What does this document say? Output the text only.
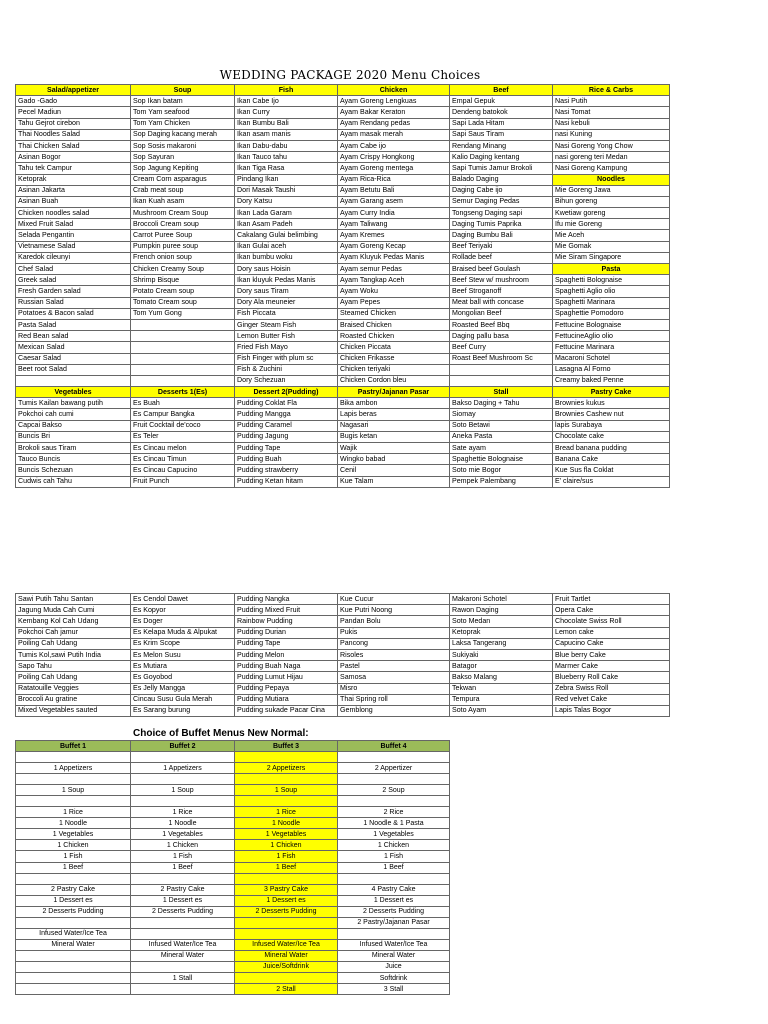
WEDDING PACKAGE 2020 Menu Choices
Salad/appetizer	Soup	Fish	Chicken	Beef	Rice & Carbs
Gado -Gado	Sop Ikan batam	Ikan Cabe Ijo	Ayam Goreng Lengkuas	Empal Gepuk	Nasi Putih
Pecel Madiun	Tom Yam seafood	Ikan Curry	Ayam Bakar Keraton	Dendeng batokok	Nasi Tomat
Tahu Gejrot cirebon	Tom Yam Chicken	Ikan Bumbu Bali	Ayam Rendang pedas	Sapi Lada Hitam	Nasi kebuli
Thai Noodles Salad	Sop Daging kacang merah	Ikan asam manis	Ayam masak merah	Sapi Saus Tiram	nasi Kuning
Thai Chicken Salad	Sop Sosis makaroni	Ikan Dabu-dabu	Ayam Cabe ijo	Rendang Minang	Nasi Goreng Yong Chow
Asinan Bogor	Sop Sayuran	Ikan Tauco tahu	Ayam Crispy Hongkong	Kalio Daging kentang	nasi goreng teri Medan
Tahu tek Campur	Sop Jagung Kepiting	Ikan Tiga Rasa	Ayam Goreng mentega	Sapi Tumis Jamur Brokoli	Nasi Goreng Kampung
Ketoprak	Cream Corn asparagus	Pindang Ikan	Ayam Rica-Rica	Balado Daging	Noodles
Asinan Jakarta	Crab meat soup	Dori Masak Taushi	Ayam Betutu Bali	Daging Cabe ijo	Mie Goreng Jawa
Asinan Buah	Ikan Kuah asam	Dory Katsu	Ayam Garang asem	Semur Daging Pedas	Bihun goreng
Chicken noodles salad	Mushroom Cream Soup	Ikan Lada Garam	Ayam Curry India	Tongseng Daging sapi	Kwetiaw goreng
Mixed Fruit Salad	Broccoli Cream soup	Ikan Asam Padeh	Ayam Taliwang	Daging Tumis Paprika	Ifu mie Goreng
Selada Pengantin	Carrot Puree Soup	Cakalang Gulai belimbing	Ayam Kremes	Daging Bumbu Bali	Mie Aceh
Vietnamese Salad	Pumpkin puree soup	Ikan Gulai aceh	Ayam Goreng Kecap	Beef Teriyaki	Mie Gomak
Karedok cileunyi	French onion soup	Ikan bumbu woku	Ayam Kluyuk Pedas Manis	Rollade beef	Mie Siram Singapore
Chef Salad	Chicken Creamy Soup	Dory saus Hoisin	Ayam semur Pedas	Braised beef Goulash	Pasta
Greek salad	Shrimp Bisque	Ikan kluyuk Pedas Manis	Ayam Tangkap Aceh	Beef Stew w/ mushroom	Spaghetti Bolognaise
Fresh Garden salad	Potato Cream soup	Dory saus Tiram	Ayam Woku	Beef Stroganoff	Spaghetti Aglio olio
Russian Salad	Tomato Cream soup	Dory Ala meuneier	Ayam Pepes	Meat ball with concase	Spaghetti Marinara
Potatoes & Bacon salad	Tom Yum Gong	Fish Piccata	Steamed Chicken	Mongolian Beef	Spaghettie Pomodoro
Pasta Salad		Ginger Steam Fish	Braised Chicken	Roasted Beef Bbq	Fettucine Bolognaise
Red Bean salad		Lemon Butter Fish	Roasted Chicken	Daging pallu basa	FettucineAglio olio
Mexican Salad		Fried Fish Mayo	Chicken Piccata	Beef Curry	Fettucine Marinara
Caesar Salad		Fish Finger with plum sc	Chicken Frikasse	Roast Beef Mushroom Sc	Macaroni Schotel
Beet root Salad		Fish & Zuchini	Chicken teriyaki		Lasagna Al Forno
		Dory Schezuan	Chicken Cordon bleu		Creamy baked Penne
Vegetables	Desserts 1(Es)	Dessert 2(Pudding)	Pastry/Jajanan Pasar	Stall	Pastry Cake
Tumis Kailan bawang putih	Es Buah	Pudding Coklat Fla	Bika ambon	Bakso Daging + Tahu	Brownies kukus
Pokchoi cah cumi	Es Campur Bangka	Pudding Mangga	Lapis beras	Siomay	Brownies Cashew nut
Capcai Bakso	Fruit Cocktail de'coco	Pudding Caramel	Nagasari	Soto Betawi	lapis Surabaya
Buncis Bri	Es Teler	Pudding Jagung	Bugis ketan	Aneka Pasta	Chocolate cake
Brokoli saus Tiram	Es Cincau melon	Pudding Tape	Wajik	Sate ayam	Bread banana pudding
Tauco Buncis	Es Cincau Timun	Pudding Buah	Wingko babad	Spaghettie Bolognaise	Banana Cake
Buncis Schezuan	Es Cincau Capucino	Pudding strawberry	Cenil	Soto mie Bogor	Kue Sus fla Coklat
Cudwis cah Tahu	Fruit Punch	Pudding Ketan hitam	Kue Talam	Pempek Palembang	E' claire/sus
Sawi Putih Tahu Santan	Es Cendol Dawet	Pudding Nangka	Kue Cucur	Makaroni Schotel	Fruit Tartlet
Jagung Muda Cah Cumi	Es Kopyor	Pudding Mixed Fruit	Kue Putri Noong	Rawon Daging	Opera Cake
Kembang Kol Cah Udang	Es Doger	Rainbow Pudding	Pandan Bolu	Soto Medan	Chocolate Swiss Roll
Pokchoi Cah jamur	Es Kelapa Muda & Alpukat	Pudding Durian	Pukis	Ketoprak	Lemon cake
Poiling Cah Udang	Es Krim Scope	Pudding Tape	Pancong	Laksa Tangerang	Capucino Cake
Tumis Kol,sawi Putih India	Es Melon Susu	Pudding Melon	Risoles	Sukiyaki	Blue berry Cake
Sapo Tahu	Es Mutiara	Pudding Buah Naga	Pastel	Batagor	Marmer Cake
Poiling Cah Udang	Es Goyobod	Pudding Lumut Hijau	Samosa	Bakso Malang	Blueberry Roll Cake
Ratatouille Veggies	Es Jelly Mangga	Pudding Pepaya	Misro	Tekwan	Zebra Swiss Roll
Broccoli Au gratine	Cincau Susu Gula Merah	Pudding Mutiara	Thai Spring roll	Tempura	Red velvet Cake
Mixed Vegetables sauted	Es Sarang burung	Pudding sukade Pacar Cina	Gemblong	Soto Ayam	Lapis Talas Bogor
Choice of Buffet Menus New Normal:
Buffet 1	Buffet 2	Buffet 3	Buffet 4

1 Appetizers	1 Appetizers	2 Appetizers	2 Appertizer

1 Soup	1 Soup	1 Soup	2 Soup

1 Rice	1 Rice	1 Rice	2 Rice
1 Noodle	1 Noodle	1 Noodle	1 Noodle & 1 Pasta
1 Vegetables	1 Vegetables	1 Vegetables	1 Vegetables
1 Chicken	1 Chicken	1 Chicken	1 Chicken
1 Fish	1 Fish	1 Fish	1 Fish
1 Beef	1 Beef	1 Beef	1 Beef

2 Pastry Cake	2 Pastry Cake	3 Pastry Cake	4 Pastry Cake
1 Dessert es	1 Dessert es	1 Dessert es	1 Dessert es
2 Desserts Pudding	2 Desserts Pudding	2 Desserts Pudding	2 Desserts Pudding
			2 Pastry/Jajanan Pasar
Infused Water/Ice Tea			
Mineral Water	Infused Water/Ice Tea	Infused Water/Ice Tea	Infused Water/Ice Tea
	Mineral Water	Mineral Water	Mineral Water
		Juice/Softdrink	Juice
	1 Stall		Softdrink
		2 Stall	3 Stall
